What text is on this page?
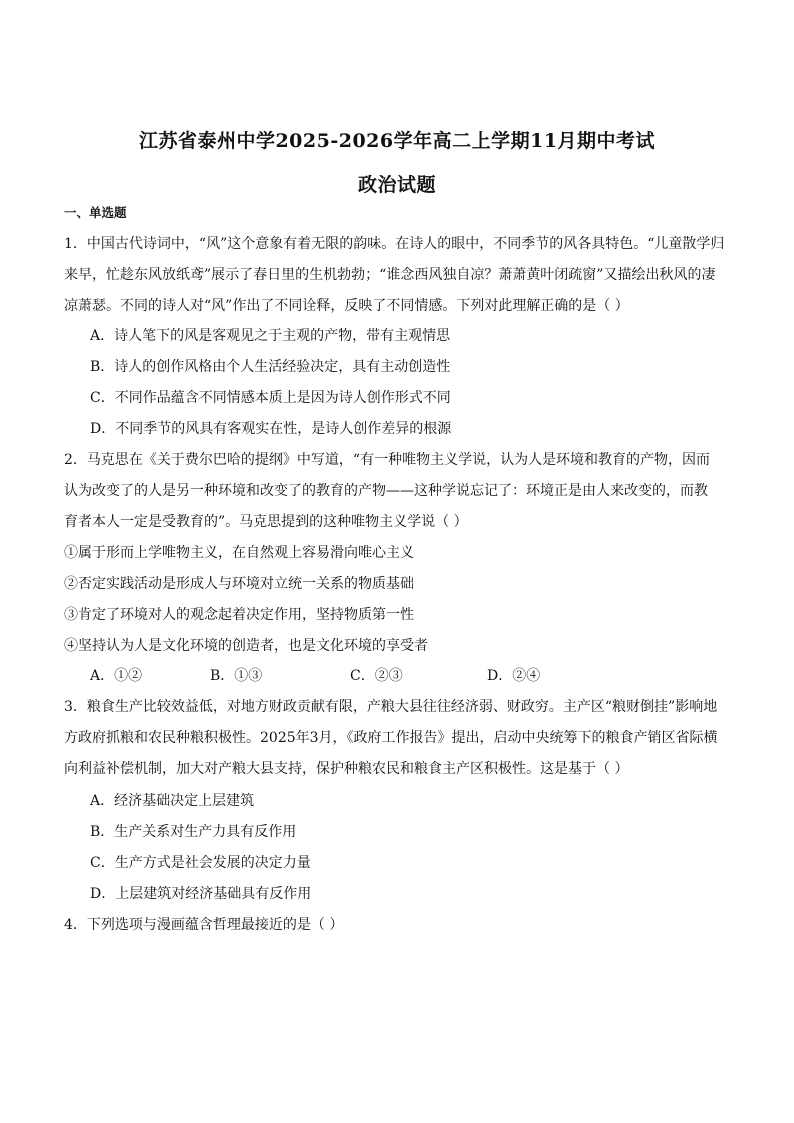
江苏省泰州中学2025-2026学年高二上学期11月期中考试
政治试题
一、单选题
1．中国古代诗词中，“风”这个意象有着无限的韵味。在诗人的眼中，不同季节的风各具特色。“儿童散学归
来早，忙趁东风放纸鸢”展示了春日里的生机勃勃；“谁念西风独自凉？萧萧黄叶闭疏窗”又描绘出秋风的凄
凉萧瑟。不同的诗人对“风”作出了不同诠释，反映了不同情感。下列对此理解正确的是（ ）
A．诗人笔下的风是客观见之于主观的产物，带有主观情思
B．诗人的创作风格由个人生活经验决定，具有主动创造性
C．不同作品蕴含不同情感本质上是因为诗人创作形式不同
D．不同季节的风具有客观实在性，是诗人创作差异的根源
2．马克思在《关于费尔巴哈的提纲》中写道，“有一种唯物主义学说，认为人是环境和教育的产物，因而
认为改变了的人是另一种环境和改变了的教育的产物——这种学说忘记了：环境正是由人来改变的，而教
育者本人一定是受教育的”。马克思提到的这种唯物主义学说（ ）
①属于形而上学唯物主义，在自然观上容易滑向唯心主义
②否定实践活动是形成人与环境对立统一关系的物质基础
③肯定了环境对人的观念起着决定作用，坚持物质第一性
④坚持认为人是文化环境的创造者，也是文化环境的享受者
A．①②	B．①③	C．②③	D．②④
3．粮食生产比较效益低，对地方财政贡献有限，产粮大县往往经济弱、财政穷。主产区“粮财倒挂”影响地
方政府抓粮和农民种粮积极性。2025年3月，《政府工作报告》提出，启动中央统筹下的粮食产销区省际横
向利益补偿机制，加大对产粮大县支持，保护种粮农民和粮食主产区积极性。这是基于（ ）
A．经济基础决定上层建筑
B．生产关系对生产力具有反作用
C．生产方式是社会发展的决定力量
D．上层建筑对经济基础具有反作用
4．下列选项与漫画蕴含哲理最接近的是（ ）
